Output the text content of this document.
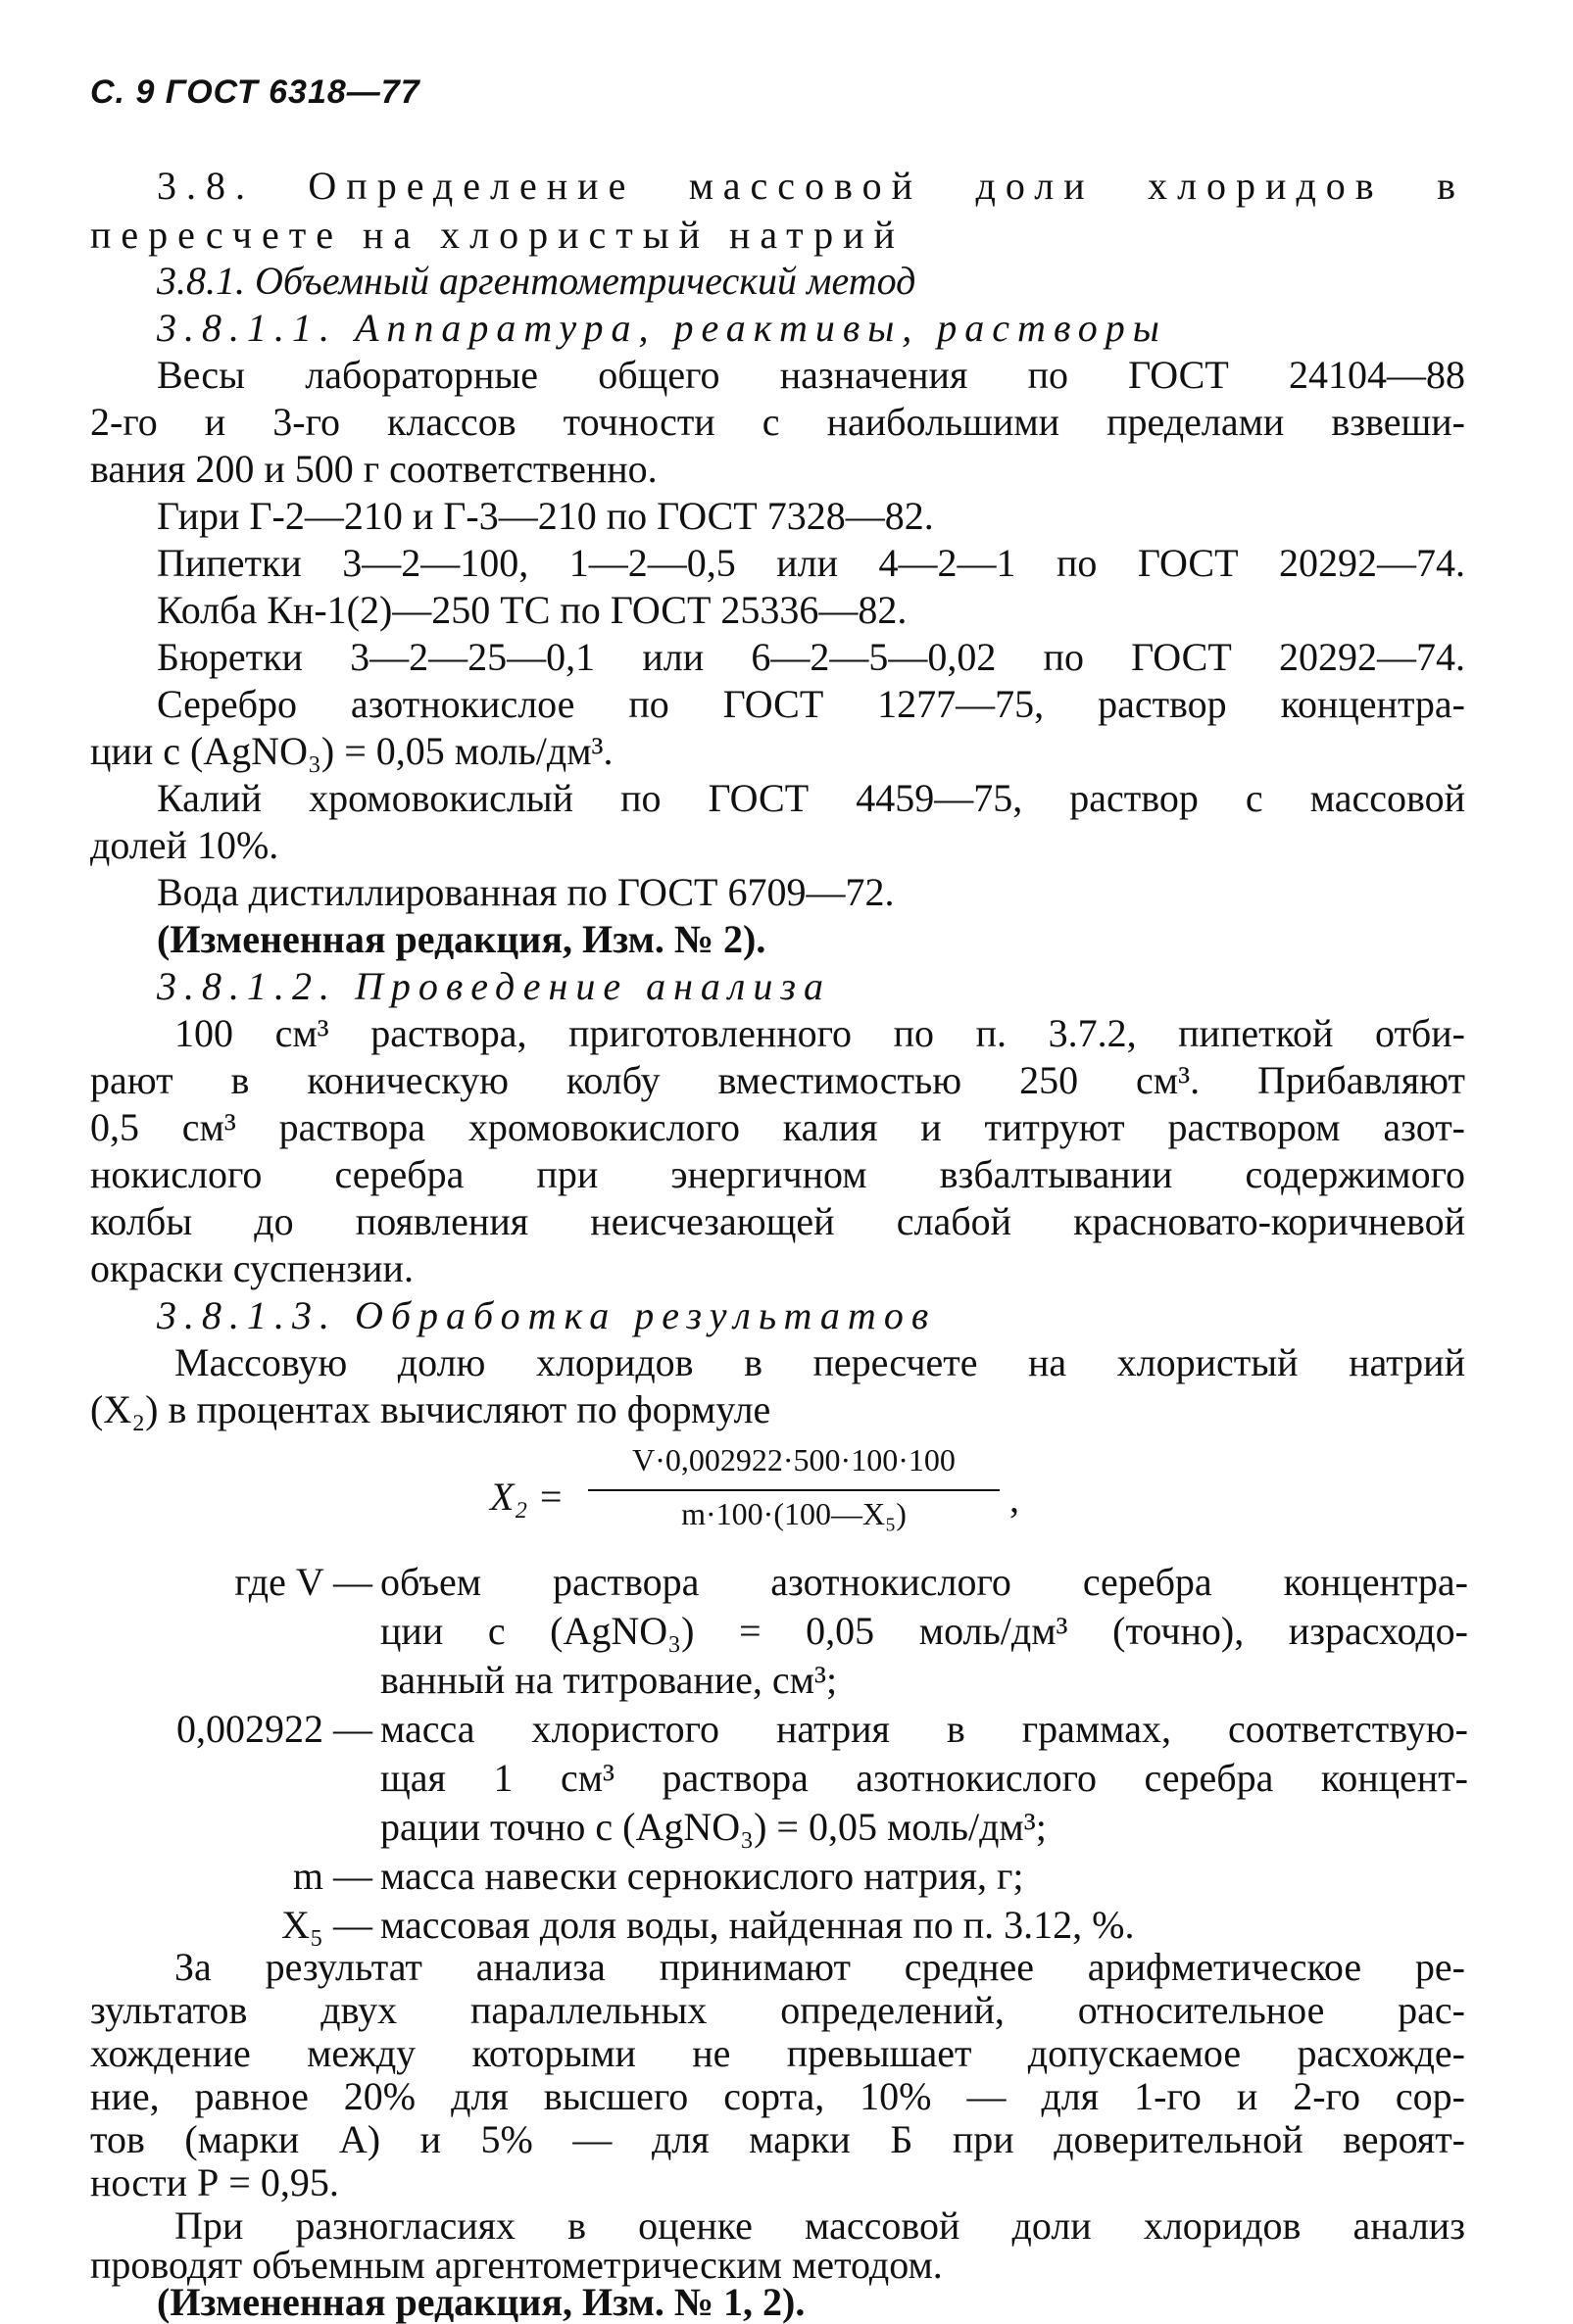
С. 9 ГОСТ 6318—77
3.8. Определение массовой доли хлоридов в
пересчете на хлористый натрий
3.8.1. Объемный аргентометрический метод
3.8.1.1. Аппаратура, реактивы, растворы
Весы лабораторные общего назначения по ГОСТ 24104—88
2-го и 3-го классов точности с наибольшими пределами взвеши-
вания 200 и 500 г соответственно.
Гири Г-2—210 и Г-3—210 по ГОСТ 7328—82.
Пипетки 3—2—100, 1—2—0,5 или 4—2—1 по ГОСТ 20292—74.
Колба Кн-1(2)—250 ТС по ГОСТ 25336—82.
Бюретки 3—2—25—0,1 или 6—2—5—0,02 по ГОСТ 20292—74.
Серебро азотнокислое по ГОСТ 1277—75, раствор концентра-
ции с (AgNO₃) = 0,05 моль/дм³.
Калий хромовокислый по ГОСТ 4459—75, раствор с массовой
долей 10%.
Вода дистиллированная по ГОСТ 6709—72.
(Измененная редакция, Изм. № 2).
3.8.1.2. Проведение анализа
100 см³ раствора, приготовленного по п. 3.7.2, пипеткой отби-
рают в коническую колбу вместимостью 250 см³. Прибавляют
0,5 см³ раствора хромовокислого калия и титруют раствором азот-
нокислого серебра при энергичном взбалтывании содержимого
колбы до появления неисчезающей слабой красновато-коричневой
окраски суспензии.
3.8.1.3. Обработка результатов
Массовую долю хлоридов в пересчете на хлористый натрий
(X₂) в процентах вычисляют по формуле
X₂ =
V·0,002922·500·100·100
m·100·(100—X₅)	,
где V — объем раствора азотнокислого серебра концентра-
ции с (AgNO₃) = 0,05 моль/дм³ (точно), израсходо-
ванный на титрование, см³;
0,002922 — масса хлористого натрия в граммах, соответствую-
щая 1 см³ раствора азотнокислого серебра концент-
рации точно с (AgNO₃) = 0,05 моль/дм³;
m — масса навески сернокислого натрия, г;
X₅ — массовая доля воды, найденная по п. 3.12, %.
За результат анализа принимают среднее арифметическое ре-
зультатов двух параллельных определений, относительное рас-
хождение между которыми не превышает допускаемое расхожде-
ние, равное 20% для высшего сорта, 10% — для 1-го и 2-го сор-
тов (марки А) и 5% — для марки Б при доверительной вероят-
ности Р = 0,95.
При разногласиях в оценке массовой доли хлоридов анализ
проводят объемным аргентометрическим методом.
(Измененная редакция, Изм. № 1, 2).
